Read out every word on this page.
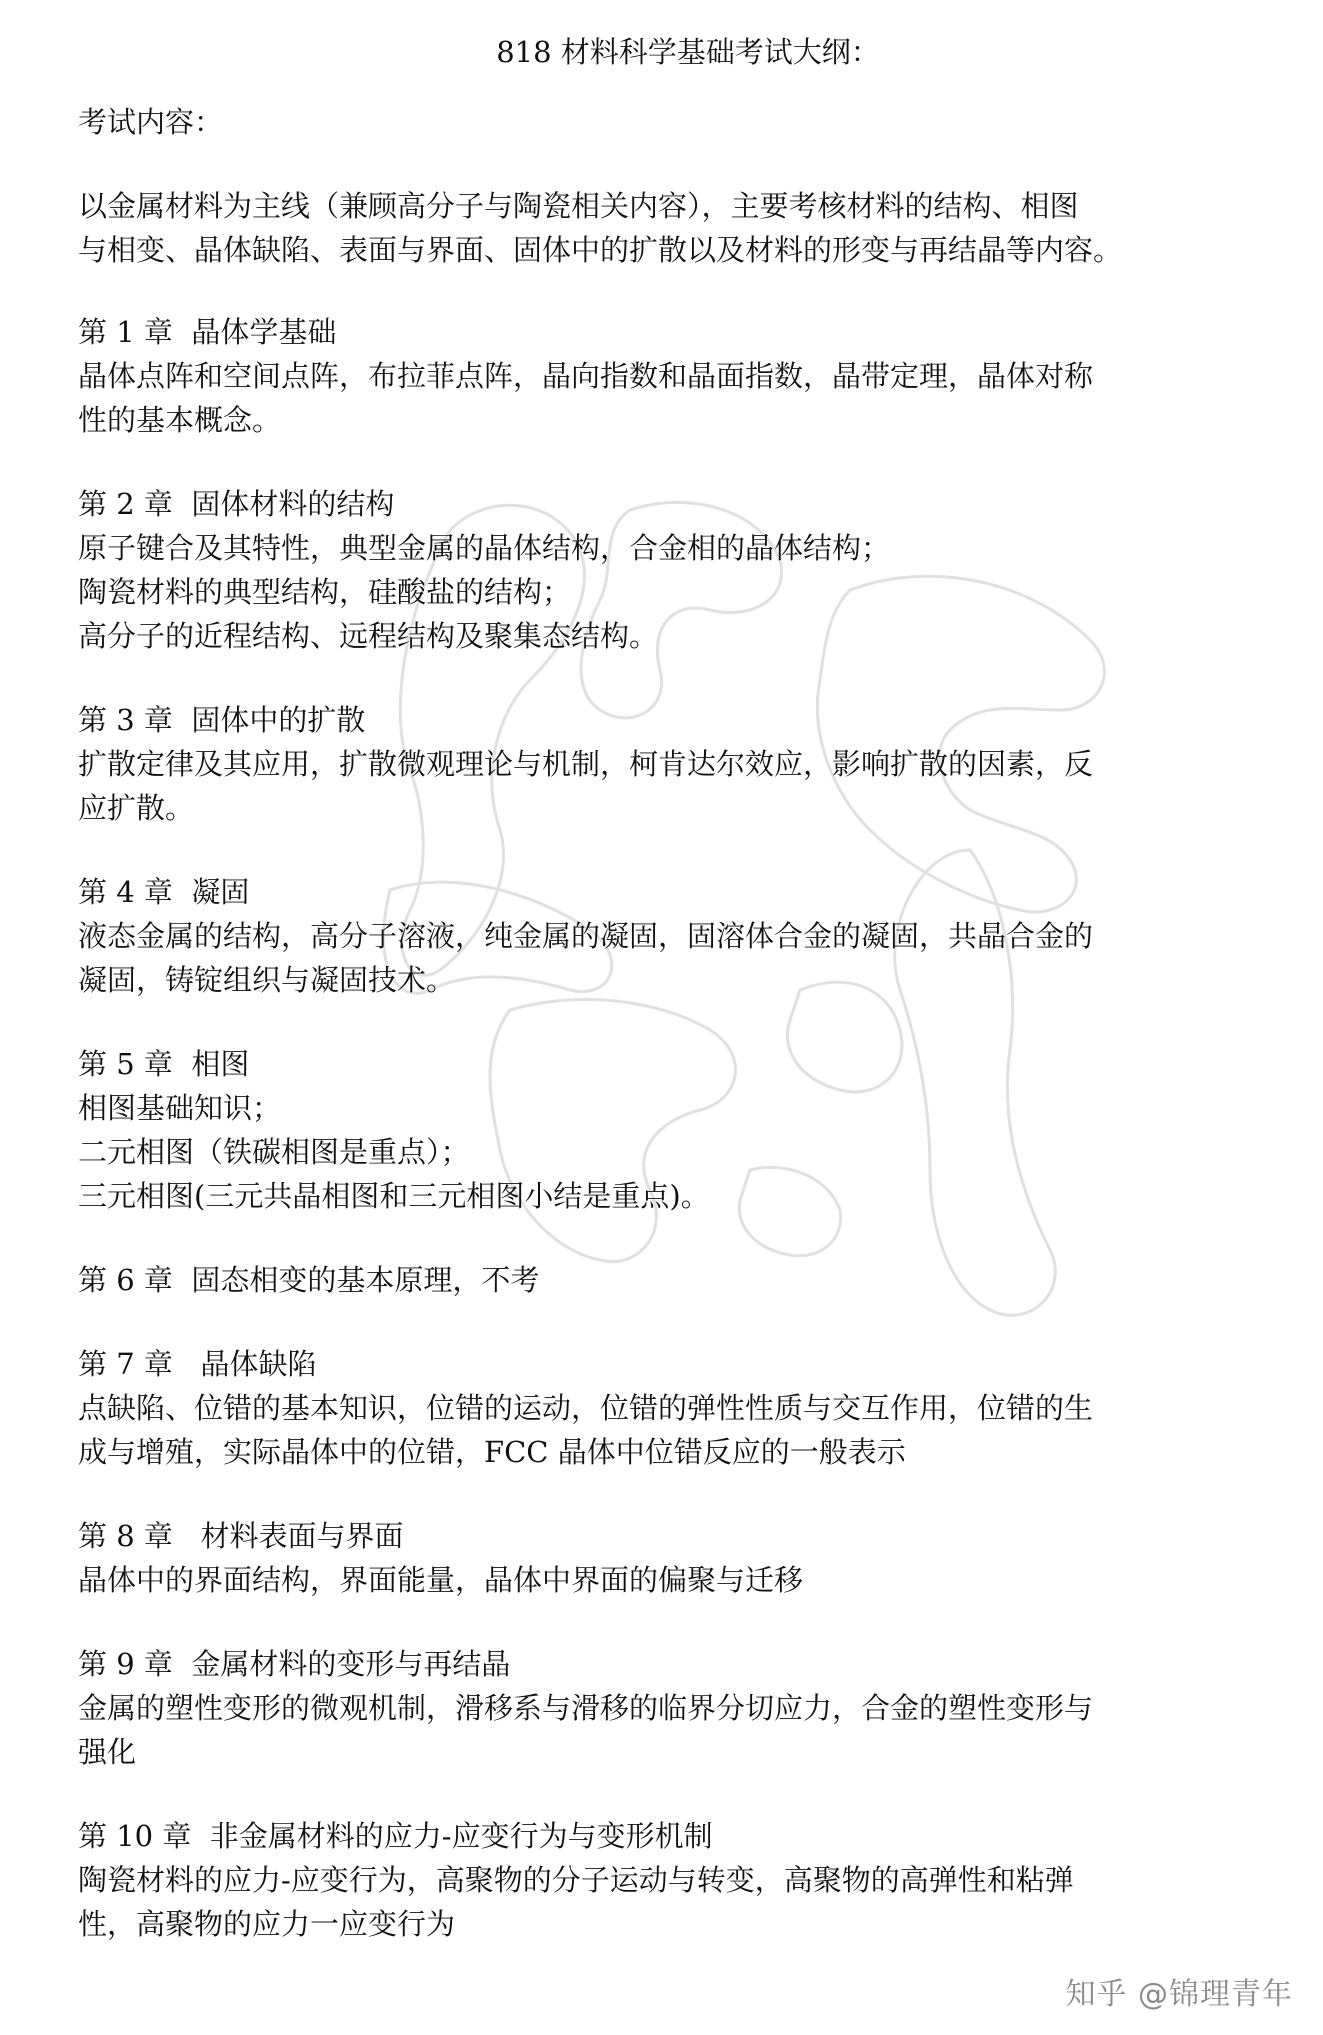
818 材料科学基础考试大纲：
考试内容：
以金属材料为主线（兼顾高分子与陶瓷相关内容），主要考核材料的结构、相图
与相变、晶体缺陷、表面与界面、固体中的扩散以及材料的形变与再结晶等内容。
第 1 章  晶体学基础
晶体点阵和空间点阵，布拉菲点阵，晶向指数和晶面指数，晶带定理，晶体对称
性的基本概念。
第 2 章  固体材料的结构
原子键合及其特性，典型金属的晶体结构，合金相的晶体结构；
陶瓷材料的典型结构，硅酸盐的结构；
高分子的近程结构、远程结构及聚集态结构。
第 3 章  固体中的扩散
扩散定律及其应用，扩散微观理论与机制，柯肯达尔效应，影响扩散的因素，反
应扩散。
第 4 章  凝固
液态金属的结构，高分子溶液，纯金属的凝固，固溶体合金的凝固，共晶合金的
凝固，铸锭组织与凝固技术。
第 5 章  相图
相图基础知识；
二元相图（铁碳相图是重点）；
三元相图(三元共晶相图和三元相图小结是重点)。
第 6 章  固态相变的基本原理，不考
第 7 章   晶体缺陷
点缺陷、位错的基本知识，位错的运动，位错的弹性性质与交互作用，位错的生
成与增殖，实际晶体中的位错，FCC 晶体中位错反应的一般表示
第 8 章   材料表面与界面
晶体中的界面结构，界面能量，晶体中界面的偏聚与迁移
第 9 章  金属材料的变形与再结晶
金属的塑性变形的微观机制，滑移系与滑移的临界分切应力，合金的塑性变形与
强化
第 10 章  非金属材料的应力-应变行为与变形机制
陶瓷材料的应力-应变行为，高聚物的分子运动与转变，高聚物的高弹性和粘弹
性，高聚物的应力一应变行为
知乎 @锦理青年
